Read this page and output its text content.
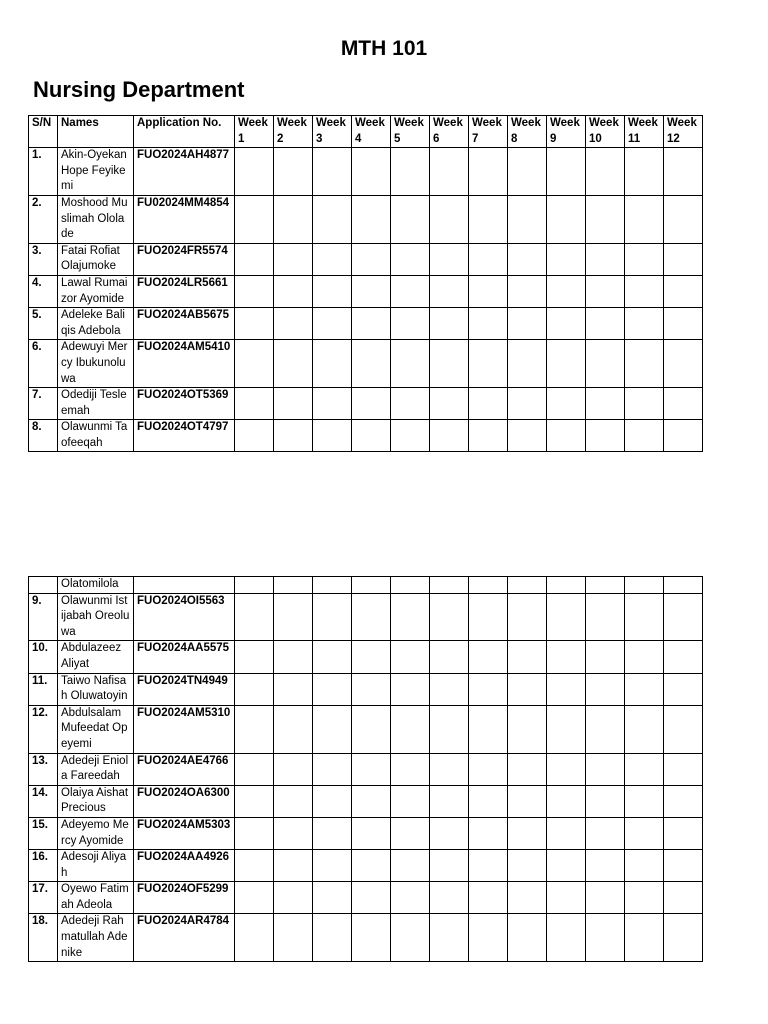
MTH 101
Nursing Department
S/N	Names	Application No.	Week 1	Week 2	Week 3	Week 4	Week 5	Week 6	Week 7	Week 8	Week 9	Week 10	Week 11	Week 12
1.	Akin-Oyekan Hope Feyikemi	FUO2024AH4877												
2.	Moshood Muslimah Ololade	FU02024MM4854												
3.	Fatai Rofiat Olajumoke	FUO2024FR5574												
4.	Lawal Rumaizor Ayomide	FUO2024LR5661												
5.	Adeleke Baliqis Adebola	FUO2024AB5675												
6.	Adewuyi Mercy Ibukunoluwa	FUO2024AM5410												
7.	Odediji Tesleemah	FUO2024OT5369												
8.	Olawunmi Taofeeqah	FUO2024OT4797												
	Olatomilola													
9.	Olawunmi Istijabah Oreoluwa	FUO2024OI5563												
10.	Abdulazeez Aliyat	FUO2024AA5575												
11.	Taiwo Nafisah Oluwatoyin	FUO2024TN4949												
12.	Abdulsalam Mufeedat Opeyemi	FUO2024AM5310												
13.	Adedeji Eniola Fareedah	FUO2024AE4766												
14.	Olaiya Aishat Precious	FUO2024OA6300												
15.	Adeyemo Mercy Ayomide	FUO2024AM5303												
16.	Adesoji Aliyah	FUO2024AA4926												
17.	Oyewo Fatimah Adeola	FUO2024OF5299												
18.	Adedeji Rahmatullah Adenike	FUO2024AR4784												
